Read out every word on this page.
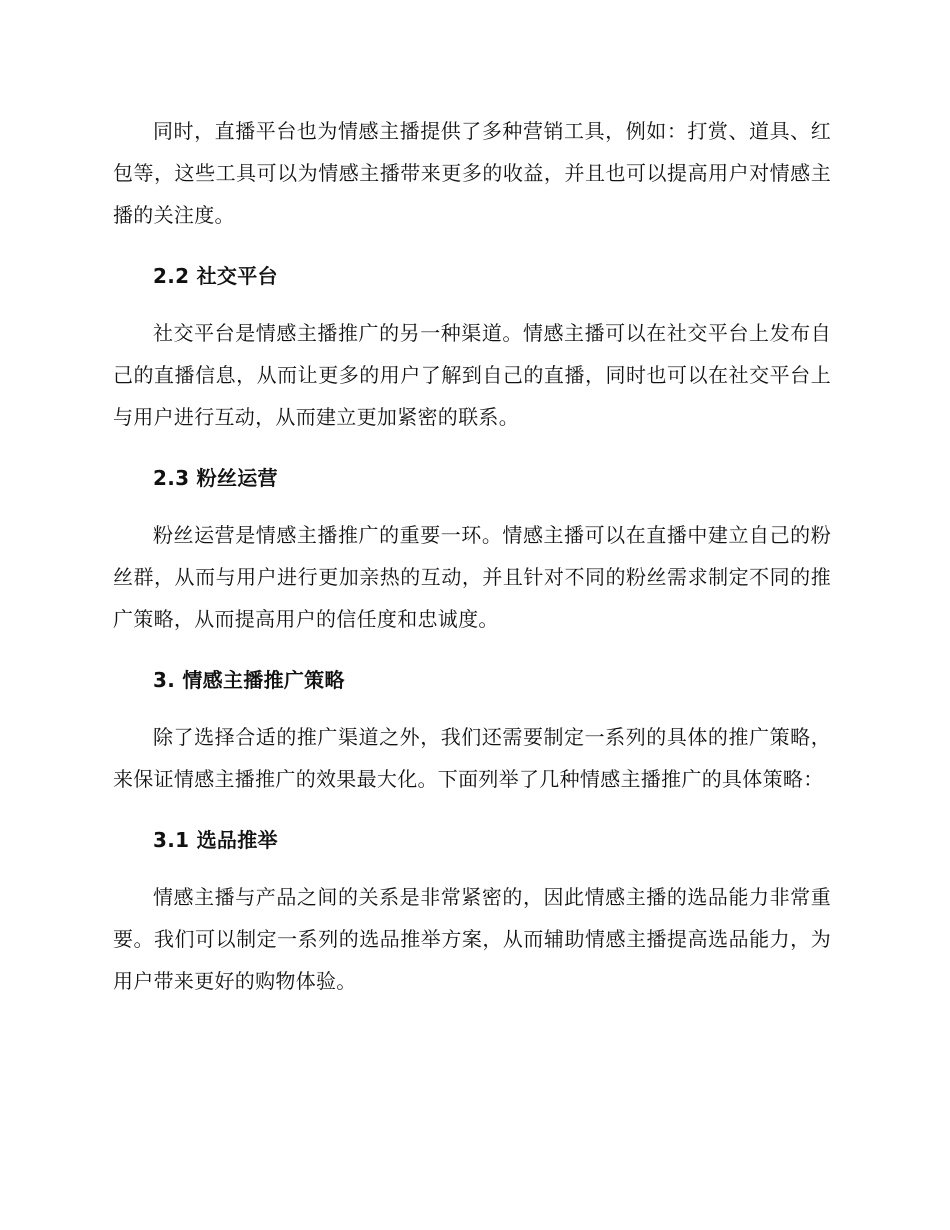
同时，直播平台也为情感主播提供了多种营销工具，例如：打赏、道具、红包等，这些工具可以为情感主播带来更多的收益，并且也可以提高用户对情感主播的关注度。

2.2 社交平台

社交平台是情感主播推广的另一种渠道。情感主播可以在社交平台上发布自己的直播信息，从而让更多的用户了解到自己的直播，同时也可以在社交平台上与用户进行互动，从而建立更加紧密的联系。

2.3 粉丝运营

粉丝运营是情感主播推广的重要一环。情感主播可以在直播中建立自己的粉丝群，从而与用户进行更加亲热的互动，并且针对不同的粉丝需求制定不同的推广策略，从而提高用户的信任度和忠诚度。

3. 情感主播推广策略

除了选择合适的推广渠道之外，我们还需要制定一系列的具体的推广策略，来保证情感主播推广的效果最大化。下面列举了几种情感主播推广的具体策略：

3.1 选品推举

情感主播与产品之间的关系是非常紧密的，因此情感主播的选品能力非常重要。我们可以制定一系列的选品推举方案，从而辅助情感主播提高选品能力，为用户带来更好的购物体验。
